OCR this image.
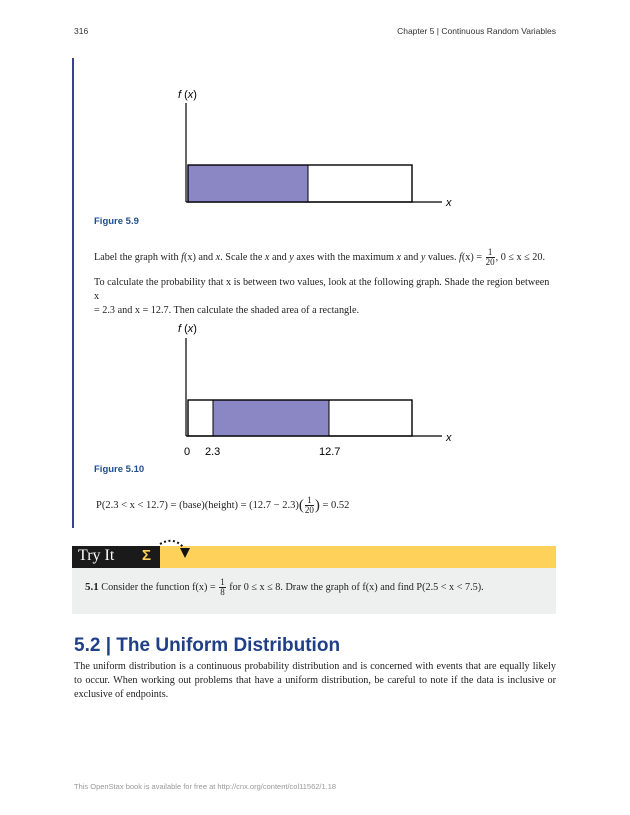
316	Chapter 5 | Continuous Random Variables
f (x)
x
Figure 5.9
Label the graph with f(x) and x. Scale the x and y axes with the maximum x and y values. $f(x) = \frac{1}{20}$ , 0 ≤ x ≤ 20.
To calculate the probability that x is between two values, look at the following graph. Shade the region between x
= 2.3 and x = 12.7. Then calculate the shaded area of a rectangle.
f (x)
x
0 2.3	12.7
Figure 5.10
P(2.3 < x < 12.7) = (base)(height) = $(12.7 - 2.3)( \frac{1}{20}$ ) = 0.52
Try It Σ
5.1 Consider the function $f(x) = \frac{1}{8}$ for 0 ≤ x ≤ 8. Draw the graph of f(x) and find P(2.5 < x < 7.5).
5.2 | The Uniform Distribution
The uniform distribution is a continuous probability distribution and is concerned with events that are equally likely to occur. When working out problems that have a uniform distribution, be careful to note if the data is inclusive or exclusive of endpoints.
This OpenStax book is available for free at http://cnx.org/content/col11562/1.18
